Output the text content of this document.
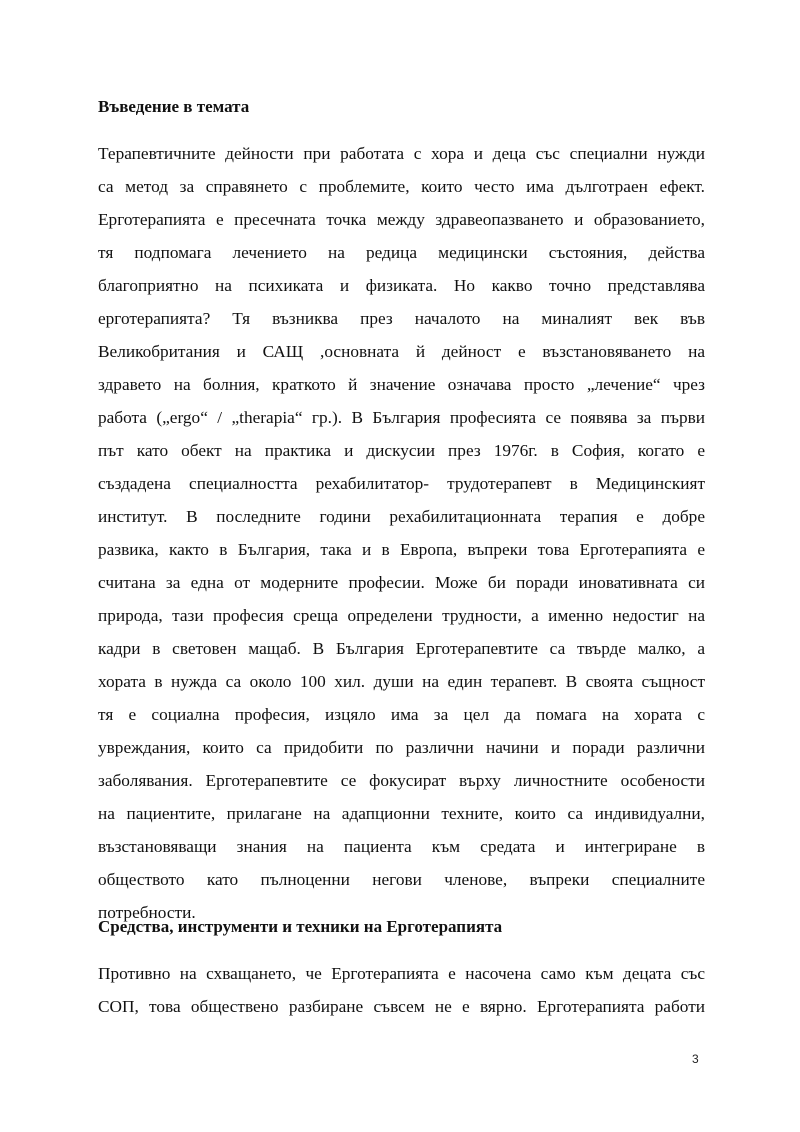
Въведение в темата
Терапевтичните дейности при работата с хора и деца със специални нужди
са метод за справянето с проблемите, които често има дълготраен ефект.
Ерготерапията е пресечната точка между здравеопазването и образованието,
тя подпомага лечението на редица медицински състояния, действа
благоприятно на психиката и физиката. Но какво точно представлява
ерготерапията? Тя възниква през началото на миналият век във
Великобритания и САЩ ,основната й дейност е възстановяването на
здравето на болния, краткото й значение означава просто „лечение“ чрез
работа („ergo“ / „therapia“ гр.). В България професията се появява за първи
път като обект на практика и дискусии през 1976г. в София, когато е
създадена специалността рехабилитатор- трудотерапевт в Медицинският
институт. В последните години рехабилитационната терапия е добре
развика, както в България, така и в Европа, въпреки това Ерготерапията е
считана за една от модерните професии. Може би поради иновативната си
природа, тази професия среща определени трудности, а именно недостиг на
кадри в световен мащаб. В България Ерготерапевтите са твърде малко, а
хората в нужда са около 100 хил. души на един терапевт. В своята същност
тя е социална професия, изцяло има за цел да помага на хората с
увреждания, които са придобити по различни начини и поради различни
заболявания. Ерготерапевтите се фокусират върху личностните особености
на пациентите, прилагане на адапционни техните, които са индивидуални,
възстановяващи знания на пациента към средата и интегриране в
обществото като пълноценни негови членове, въпреки специалните
потребности.
Средства, инструменти и техники на Ерготерапията
Противно на схващането, че Ерготерапията е насочена само към децата със
СОП, това обществено разбиране съвсем не е вярно. Ерготерапията работи
3
